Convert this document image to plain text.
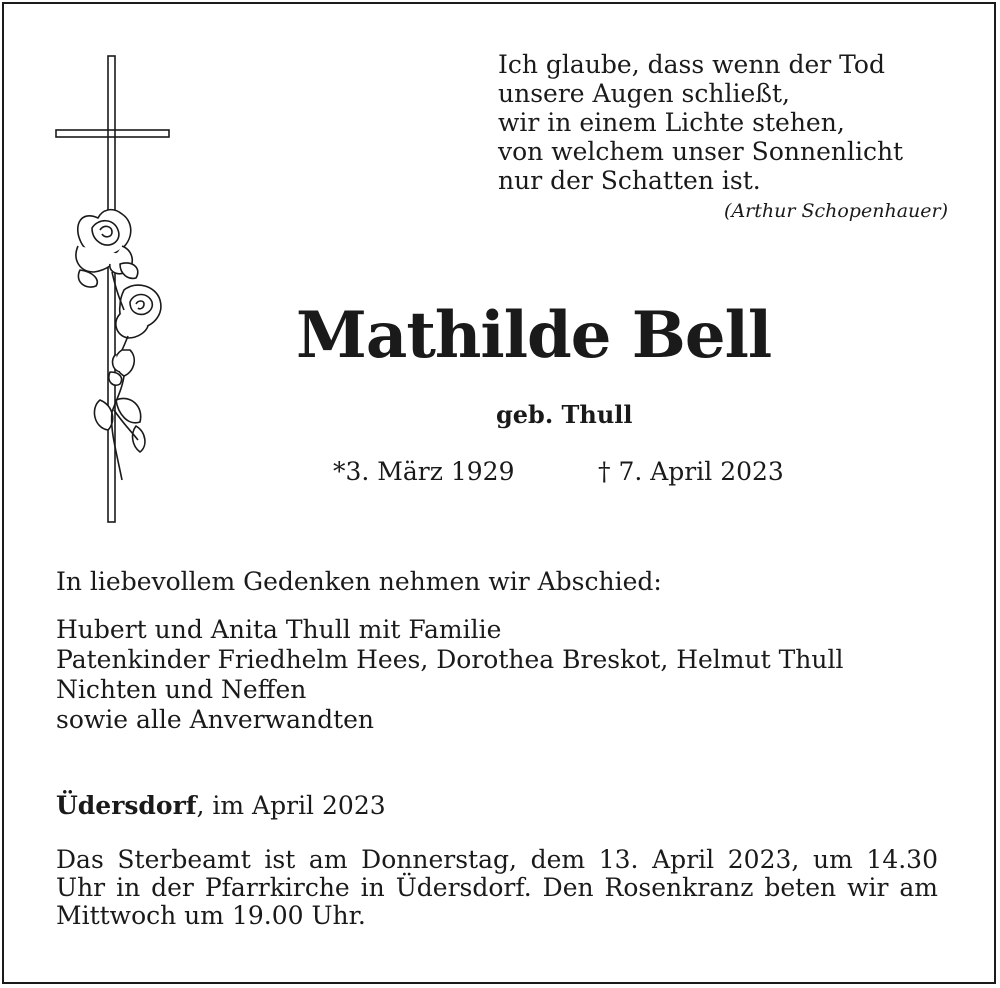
Ich glaube, dass wenn der Tod
unsere Augen schließt,
wir in einem Lichte stehen,
von welchem unser Sonnenlicht
nur der Schatten ist.
(Arthur Schopenhauer)
Mathilde Bell
geb. Thull
*3. März 1929	† 7. April 2023
In liebevollem Gedenken nehmen wir Abschied:
Hubert und Anita Thull mit Familie
Patenkinder Friedhelm Hees, Dorothea Breskot, Helmut Thull
Nichten und Neffen
sowie alle Anverwandten
Üdersdorf, im April 2023
Das Sterbeamt ist am Donnerstag, dem 13. April 2023, um 14.30 Uhr in der Pfarrkirche in Üdersdorf. Den Rosenkranz beten wir am Mittwoch um 19.00 Uhr.
